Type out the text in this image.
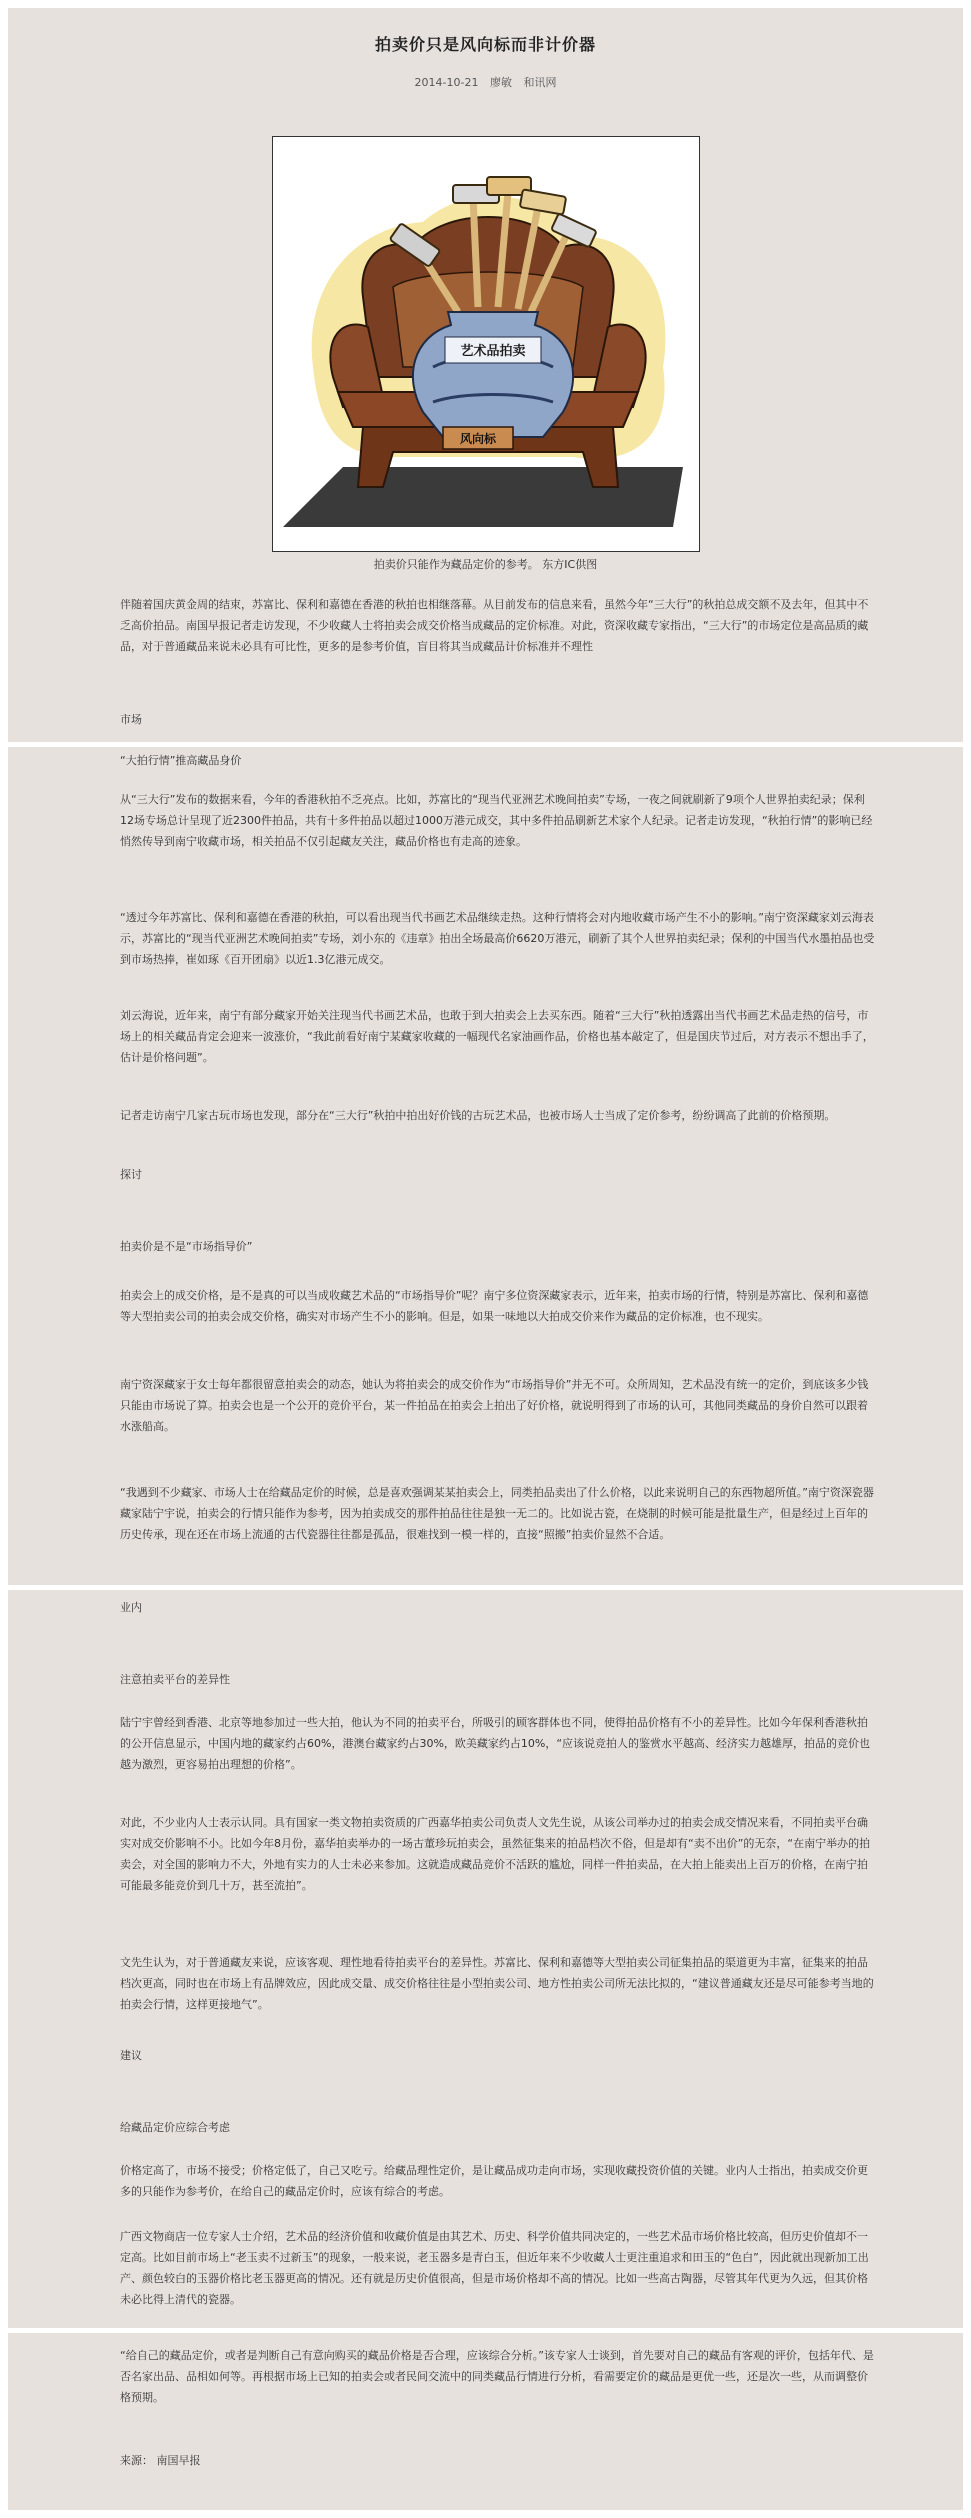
拍卖价只是风向标而非计价器
2014-10-21 廖敏 和讯网
艺术品拍卖
风向标
拍卖价只能作为藏品定价的参考。 东方IC供图
伴随着国庆黄金周的结束，苏富比、保利和嘉德在香港的秋拍也相继落幕。从目前发布的信息来看，虽然今年“三大行”的秋拍总成交额不及去年，但其中不乏高价拍品。南国早报记者走访发现，不少收藏人士将拍卖会成交价格当成藏品的定价标准。对此，资深收藏专家指出，“三大行”的市场定位是高品质的藏品，对于普通藏品来说未必具有可比性，更多的是参考价值，盲目将其当成藏品计价标准并不理性
市场
“大拍行情”推高藏品身价
从“三大行”发布的数据来看，今年的香港秋拍不乏亮点。比如，苏富比的“现当代亚洲艺术晚间拍卖”专场，一夜之间就刷新了9项个人世界拍卖纪录；保利12场专场总计呈现了近2300件拍品，共有十多件拍品以超过1000万港元成交，其中多件拍品刷新艺术家个人纪录。记者走访发现，“秋拍行情”的影响已经悄然传导到南宁收藏市场，相关拍品不仅引起藏友关注，藏品价格也有走高的迹象。
“透过今年苏富比、保利和嘉德在香港的秋拍，可以看出现当代书画艺术品继续走热。这种行情将会对内地收藏市场产生不小的影响。”南宁资深藏家刘云海表示，苏富比的“现当代亚洲艺术晚间拍卖”专场，刘小东的《违章》拍出全场最高价6620万港元，刷新了其个人世界拍卖纪录；保利的中国当代水墨拍品也受到市场热捧，崔如琢《百开团扇》以近1.3亿港元成交。
刘云海说，近年来，南宁有部分藏家开始关注现当代书画艺术品，也敢于到大拍卖会上去买东西。随着“三大行”秋拍透露出当代书画艺术品走热的信号，市场上的相关藏品肯定会迎来一波涨价，“我此前看好南宁某藏家收藏的一幅现代名家油画作品，价格也基本敲定了，但是国庆节过后，对方表示不想出手了，估计是价格问题”。
记者走访南宁几家古玩市场也发现，部分在“三大行”秋拍中拍出好价钱的古玩艺术品，也被市场人士当成了定价参考，纷纷调高了此前的价格预期。
探讨
拍卖价是不是“市场指导价”
拍卖会上的成交价格，是不是真的可以当成收藏艺术品的“市场指导价”呢？南宁多位资深藏家表示，近年来，拍卖市场的行情，特别是苏富比、保利和嘉德等大型拍卖公司的拍卖会成交价格，确实对市场产生不小的影响。但是，如果一味地以大拍成交价来作为藏品的定价标准，也不现实。
南宁资深藏家于女士每年都很留意拍卖会的动态，她认为将拍卖会的成交价作为“市场指导价”并无不可。众所周知，艺术品没有统一的定价，到底该多少钱只能由市场说了算。拍卖会也是一个公开的竞价平台，某一件拍品在拍卖会上拍出了好价格，就说明得到了市场的认可，其他同类藏品的身价自然可以跟着水涨船高。
“我遇到不少藏家、市场人士在给藏品定价的时候，总是喜欢强调某某拍卖会上，同类拍品卖出了什么价格，以此来说明自己的东西物超所值。”南宁资深瓷器藏家陆宁宇说，拍卖会的行情只能作为参考，因为拍卖成交的那件拍品往往是独一无二的。比如说古瓷，在烧制的时候可能是批量生产，但是经过上百年的历史传承，现在还在市场上流通的古代瓷器往往都是孤品，很难找到一模一样的，直接“照搬”拍卖价显然不合适。
业内
注意拍卖平台的差异性
陆宁宇曾经到香港、北京等地参加过一些大拍，他认为不同的拍卖平台，所吸引的顾客群体也不同，使得拍品价格有不小的差异性。比如今年保利香港秋拍的公开信息显示，中国内地的藏家约占60%，港澳台藏家约占30%，欧美藏家约占10%，“应该说竞拍人的鉴赏水平越高、经济实力越雄厚，拍品的竞价也越为激烈，更容易拍出理想的价格”。
对此，不少业内人士表示认同。具有国家一类文物拍卖资质的广西嘉华拍卖公司负责人文先生说，从该公司举办过的拍卖会成交情况来看，不同拍卖平台确实对成交价影响不小。比如今年8月份，嘉华拍卖举办的一场古董珍玩拍卖会，虽然征集来的拍品档次不俗，但是却有“卖不出价”的无奈，“在南宁举办的拍卖会，对全国的影响力不大，外地有实力的人士未必来参加。这就造成藏品竞价不活跃的尴尬，同样一件拍卖品，在大拍上能卖出上百万的价格，在南宁拍可能最多能竞价到几十万，甚至流拍”。
文先生认为，对于普通藏友来说，应该客观、理性地看待拍卖平台的差异性。苏富比、保利和嘉德等大型拍卖公司征集拍品的渠道更为丰富，征集来的拍品档次更高，同时也在市场上有品牌效应，因此成交量、成交价格往往是小型拍卖公司、地方性拍卖公司所无法比拟的，“建议普通藏友还是尽可能参考当地的拍卖会行情，这样更接地气”。
建议
给藏品定价应综合考虑
价格定高了，市场不接受；价格定低了，自己又吃亏。给藏品理性定价，是让藏品成功走向市场，实现收藏投资价值的关键。业内人士指出，拍卖成交价更多的只能作为参考价，在给自己的藏品定价时，应该有综合的考虑。
广西文物商店一位专家人士介绍，艺术品的经济价值和收藏价值是由其艺术、历史、科学价值共同决定的，一些艺术品市场价格比较高，但历史价值却不一定高。比如目前市场上“老玉卖不过新玉”的现象，一般来说，老玉器多是青白玉，但近年来不少收藏人士更注重追求和田玉的“色白”，因此就出现新加工出产、颜色较白的玉器价格比老玉器更高的情况。还有就是历史价值很高，但是市场价格却不高的情况。比如一些高古陶器，尽管其年代更为久远，但其价格未必比得上清代的瓷器。
“给自己的藏品定价，或者是判断自己有意向购买的藏品价格是否合理，应该综合分析。”该专家人士谈到，首先要对自己的藏品有客观的评价，包括年代、是否名家出品、品相如何等。再根据市场上已知的拍卖会或者民间交流中的同类藏品行情进行分析，看需要定价的藏品是更优一些，还是次一些，从而调整价格预期。
来源： 南国早报
